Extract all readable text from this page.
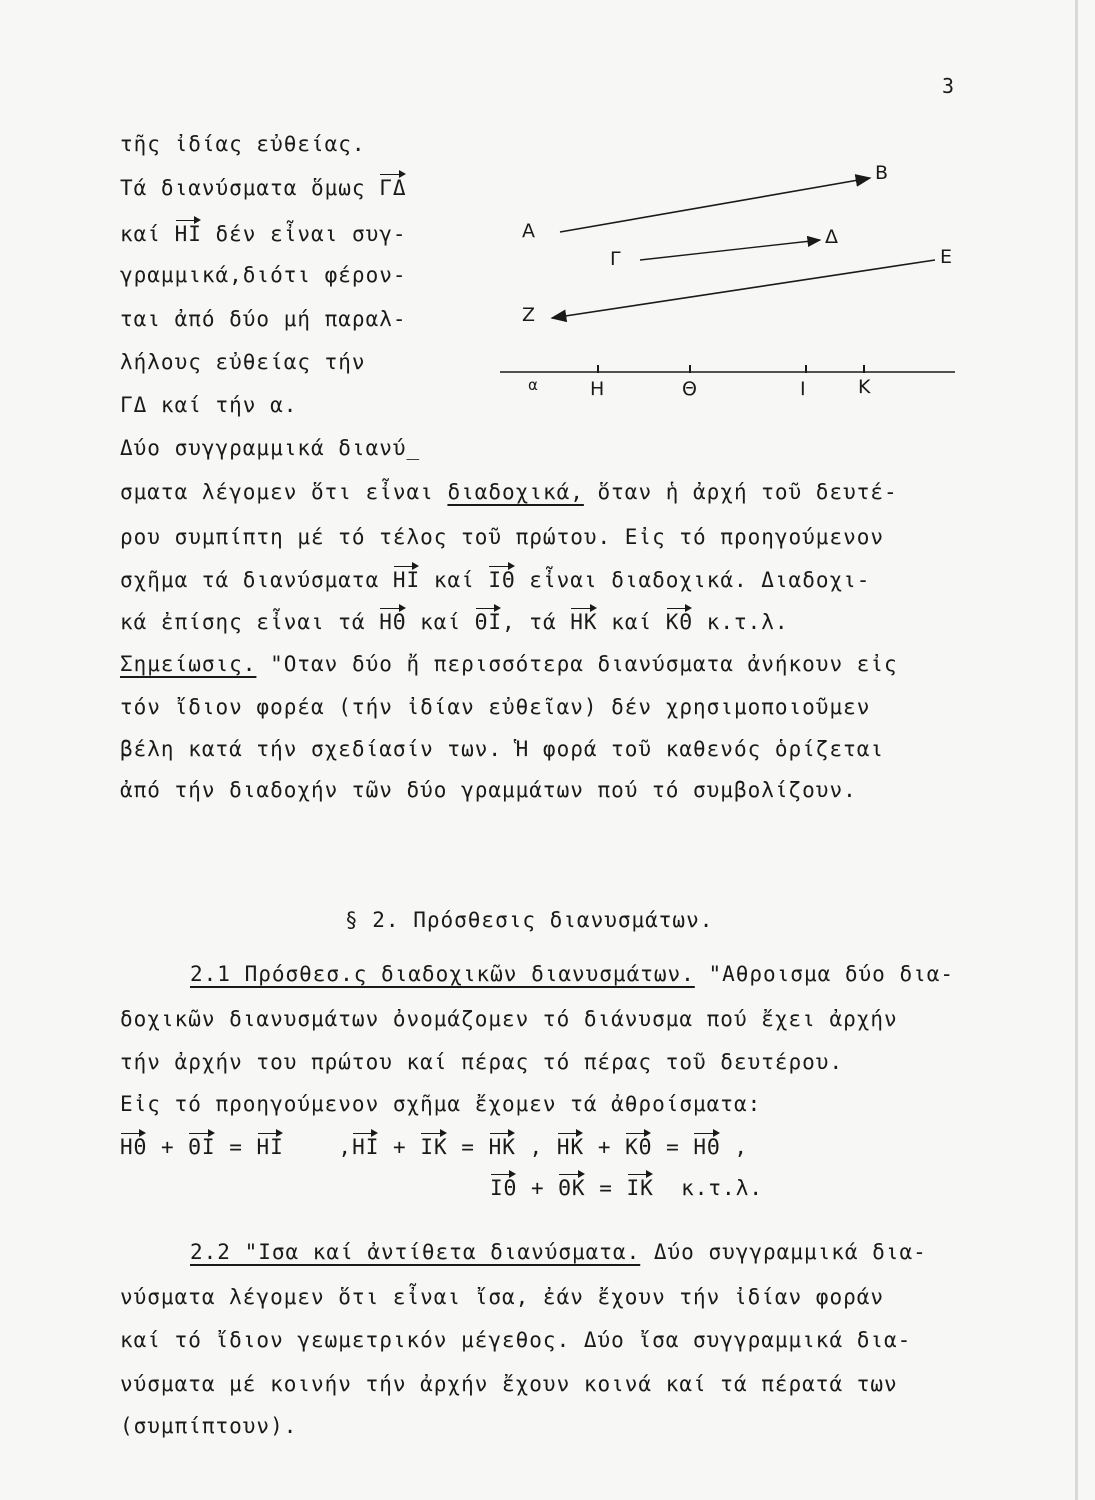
3
τῆς ἰδίας εὐθείας.
Τά διανύσματα ὅμως ΓΔ
καί ΗΙ δέν εἶναι συγ-
γραμμικά,διότι φέρον-
ται ἀπό δύο μή παραλ-
λήλους εὐθείας τήν
ΓΔ καί τήν α.
Δύο συγγραμμικά διανύ_
Α
Β
Γ
Δ
Ε
Ζ
α	Η	Θ	Ι	Κ
σματα λέγομεν ὅτι εἶναι διαδοχικά, ὅταν ἡ ἀρχή τοῦ δευτέ-
ρου συμπίπτη μέ τό τέλος τοῦ πρώτου. Εἰς τό προηγούμενον
σχῆμα τά διανύσματα ΗΙ καί ΙΘ εἶναι διαδοχικά. Διαδοχι-
κά ἐπίσης εἶναι τά ΗΘ καί ΘΙ, τά ΗΚ καί ΚΘ κ.τ.λ.
Σημείωσις. "Οταν δύο ἤ περισσότερα διανύσματα ἀνήκουν εἰς
τόν ἴδιον φορέα (τήν ἰδίαν εὐθεῖαν) δέν χρησιμοποιοῦμεν
βέλη κατά τήν σχεδίασίν των. Ἡ φορά τοῦ καθενός ὁρίζεται
ἀπό τήν διαδοχήν τῶν δύο γραμμάτων πού τό συμβολίζουν.
§ 2. Πρόσθεσις διανυσμάτων.
2.1 Πρόσθεσ.ς διαδοχικῶν διανυσμάτων. "Αθροισμα δύο δια-
δοχικῶν διανυσμάτων ὀνομάζομεν τό διάνυσμα πού ἔχει ἀρχήν
τήν ἀρχήν του πρώτου καί πέρας τό πέρας τοῦ δευτέρου.
Εἰς τό προηγούμενον σχῆμα ἔχομεν τά ἀθροίσματα:
ΗΘ + ΘΙ = ΗΙ	,ΗΙ + ΙΚ = ΗΚ , ΗΚ + ΚΘ = ΗΘ ,
ΙΘ + ΘΚ = ΙΚ κ.τ.λ.
2.2 "Ισα καί ἀντίθετα διανύσματα. Δύο συγγραμμικά δια-
νύσματα λέγομεν ὅτι εἶναι ἴσα, ἐάν ἔχουν τήν ἰδίαν φοράν
καί τό ἴδιον γεωμετρικόν μέγεθος. Δύο ἴσα συγγραμμικά δια-
νύσματα μέ κοινήν τήν ἀρχήν ἔχουν κοινά καί τά πέρατά των
(συμπίπτουν).
